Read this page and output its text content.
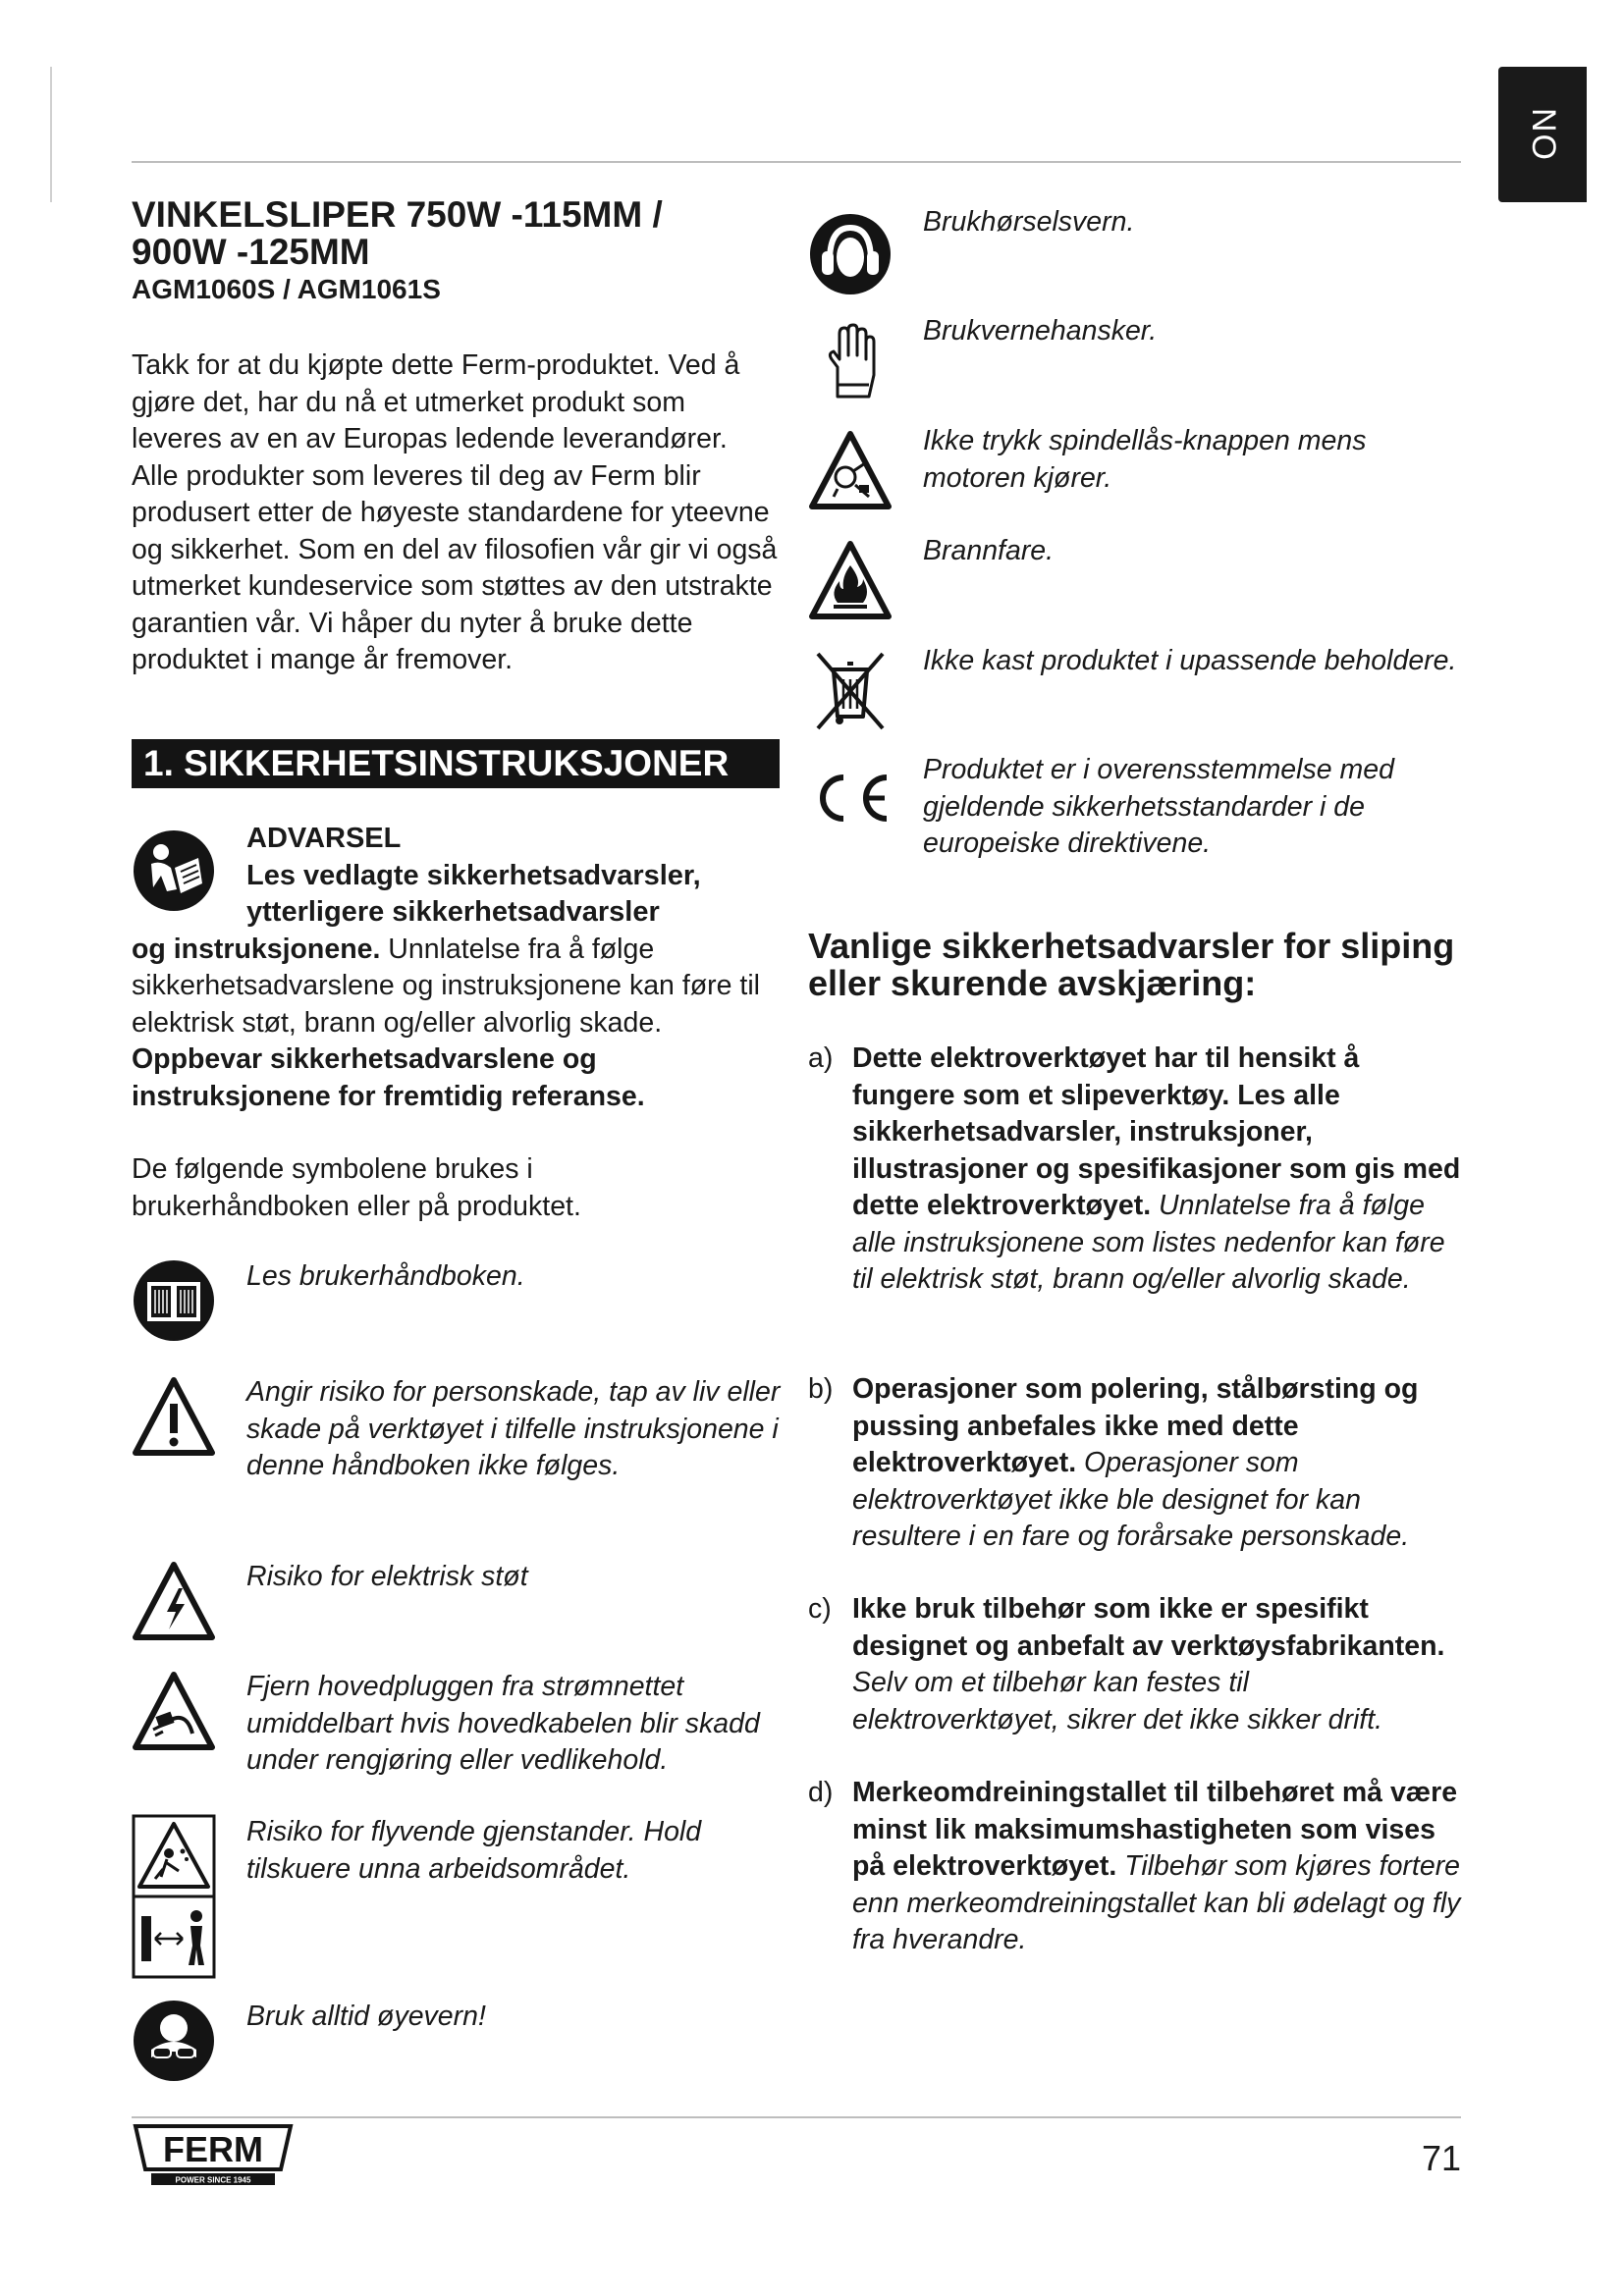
NO
VINKELSLIPER 750W -115MM / 900W -125MM
AGM1060S / AGM1061S
Takk for at du kjøpte dette Ferm-produktet. Ved å gjøre det, har du nå et utmerket produkt som leveres av en av Europas ledende leverandører. Alle produkter som leveres til deg av Ferm blir produsert etter de høyeste standardene for yteevne og sikkerhet. Som en del av filosofien vår gir vi også utmerket kundeservice som støttes av den utstrakte garantien vår. Vi håper du nyter å bruke dette produktet i mange år fremover.
1. SIKKERHETSINSTRUKSJONER
ADVARSEL
Les vedlagte sikkerhetsadvarsler, ytterligere sikkerhetsadvarsler
og instruksjonene. Unnlatelse fra å følge sikkerhetsadvarslene og instruksjonene kan føre til elektrisk støt, brann og/eller alvorlig skade. Oppbevar sikkerhetsadvarslene og instruksjonene for fremtidig referanse.
De følgende symbolene brukes i brukerhåndboken eller på produktet.
Les brukerhåndboken.
Angir risiko for personskade, tap av liv eller skade på verktøyet i tilfelle instruksjonene i denne håndboken ikke følges.
Risiko for elektrisk støt
Fjern hovedpluggen fra strømnettet umiddelbart hvis hovedkabelen blir skadd under rengjøring eller vedlikehold.
Risiko for flyvende gjenstander. Hold tilskuere unna arbeidsområdet.
Bruk alltid øyevern!
Brukhørselsvern.
Brukvernehansker.
Ikke trykk spindellås-knappen mens motoren kjører.
Brannfare.
Ikke kast produktet i upassende beholdere.
Produktet er i overensstemmelse med gjeldende sikkerhetsstandarder i de europeiske direktivene.
Vanlige sikkerhetsadvarsler for sliping eller skurende avskjæring:
a) Dette elektroverktøyet har til hensikt å fungere som et slipeverktøy. Les alle sikkerhetsadvarsler, instruksjoner, illustrasjoner og spesifikasjoner som gis med dette elektroverktøyet. Unnlatelse fra å følge alle instruksjonene som listes nedenfor kan føre til elektrisk støt, brann og/eller alvorlig skade.
b) Operasjoner som polering, stålbørsting og pussing anbefales ikke med dette elektroverktøyet. Operasjoner som elektroverktøyet ikke ble designet for kan resultere i en fare og forårsake personskade.
c) Ikke bruk tilbehør som ikke er spesifikt designet og anbefalt av verktøysfabrikanten. Selv om et tilbehør kan festes til elektroverktøyet, sikrer det ikke sikker drift.
d) Merkeomdreiningstallet til tilbehøret må være minst lik maksimumshastigheten som vises på elektroverktøyet. Tilbehør som kjøres fortere enn merkeomdreiningstallet kan bli ødelagt og fly fra hverandre.
FERM
POWER SINCE 1945
71
